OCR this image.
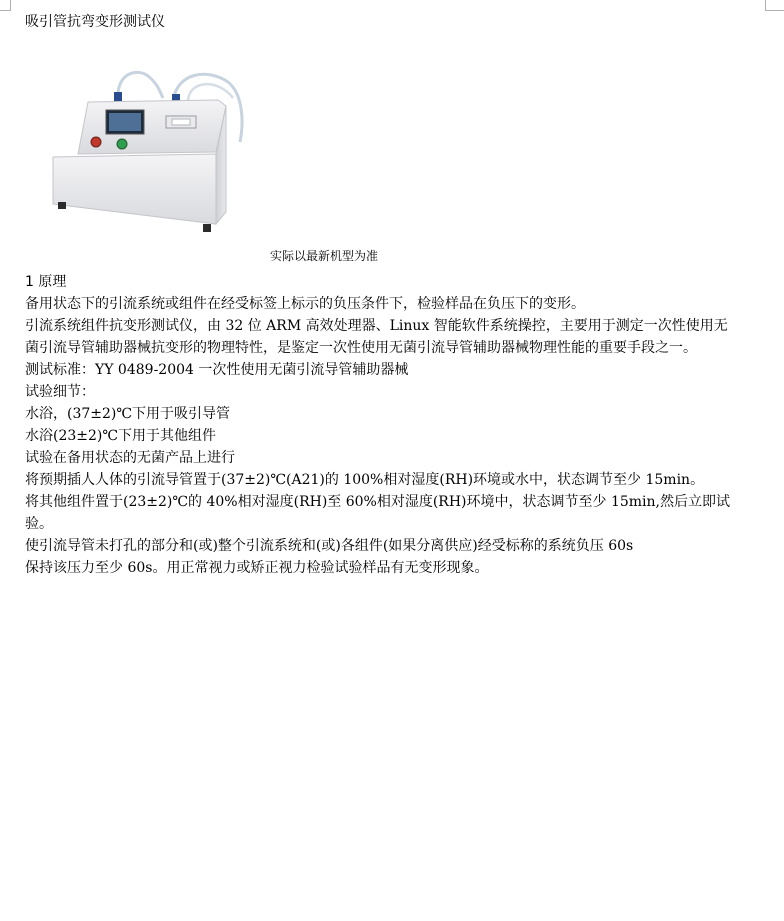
吸引管抗弯变形测试仪
实际以最新机型为准

1 原理

备用状态下的引流系统或组件在经受标签上标示的负压条件下，检验样品在负压下的变形。

引流系统组件抗变形测试仪，由 32 位 ARM 高效处理器、Linux 智能软件系统操控，主要用于测定一次性使用无菌引流导管辅助器械抗变形的物理特性，是鉴定一次性使用无菌引流导管辅助器械物理性能的重要手段之一。

测试标准：YY 0489-2004 一次性使用无菌引流导管辅助器械

试验细节：

水浴，(37±2)℃下用于吸引导管

水浴(23±2)℃下用于其他组件

试验在备用状态的无菌产品上进行

将预期插人人体的引流导管置于(37±2)℃(A21)的 100%相对湿度(RH)环境或水中，状态调节至少 15min。

将其他组件置于(23±2)℃的 40%相对湿度(RH)至 60%相对湿度(RH)环境中，状态调节至少 15min,然后立即试验。

使引流导管未打孔的部分和(或)整个引流系统和(或)各组件(如果分离供应)经受标称的系统负压 60s

保持该压力至少 60s。用正常视力或矫正视力检验试验样品有无变形现象。
